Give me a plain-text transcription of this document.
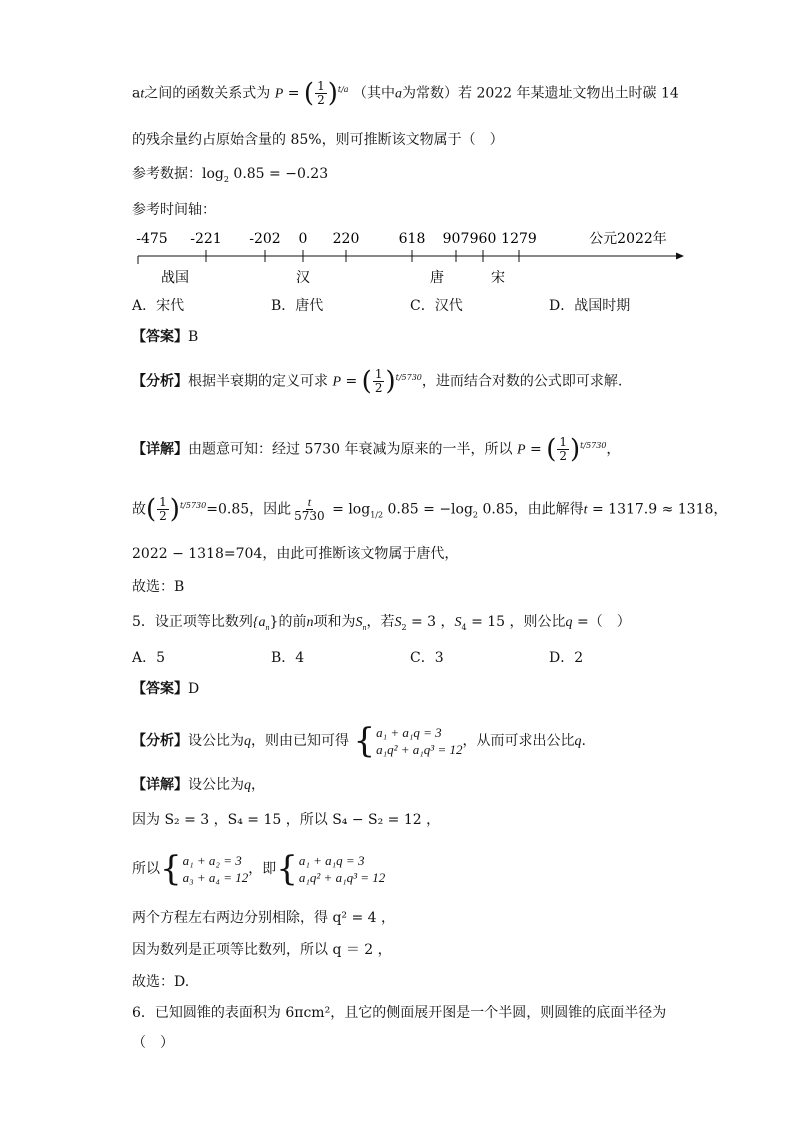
at之间的函数关系式为 P = ( $\frac{1}{2} )^{t/a}$ （其中a为常数）若 2022 年某遗址文物出土时碳 14
的残余量约占原始含量的 85%，则可推断该文物属于（　）
参考数据：$\log_2 0.85 = -0.23$
参考时间轴：
-475 -221 -202 0 220	618 907 960 1279	公元2022年
战国	汉	唐	宋
A．宋代	B．唐代	C．汉代	D．战国时期
【答案】B
【分析】根据半衰期的定义可求 P = ( $\frac{1}{2} )^{t/5730}$，进而结合对数的公式即可求解.
【详解】由题意可知：经过 5730 年衰减为原来的一半，所以 P = ( $\frac{1}{2} )^{t/5730}$，
故( $\frac{1}{2} )^{t/5730}=0.85$，因此 $\frac{t}{5730} = \log_{1/2} 0.85 = -\log_2$ 0.85，由此解得t = 1317.9 ≈ 1318，
2022 − 1318=704，由此可推断该文物属于唐代，
故选：B
5．设正项等比数列$\{a_n\}$的前n项和为$S_n$，若$S_2 = 3$ ，$S_4 = 15$ ，则公比q =（　）
A．5	B．4	C．3	D．2
【答案】D
【分析】设公比为q，则由已知可得 { a₁ + a₁q = 3
a₁q² + a₁q³ = 12
，从而可求出公比q.
【详解】设公比为q，
因为 S₂ = 3 ，S₄ = 15 ，所以 S₄ − S₂ = 12 ，
所以 { a₁ + a₂ = 3
a₃ + a₄ = 12
，即 { a₁ + a₁q = 3
a₁q² + a₁q³ = 12
两个方程左右两边分别相除，得 q² = 4 ，
因为数列是正项等比数列，所以 q ＝ 2 ，
故选：D.
6．已知圆锥的表面积为 6πcm²，且它的侧面展开图是一个半圆，则圆锥的底面半径为
（　）
